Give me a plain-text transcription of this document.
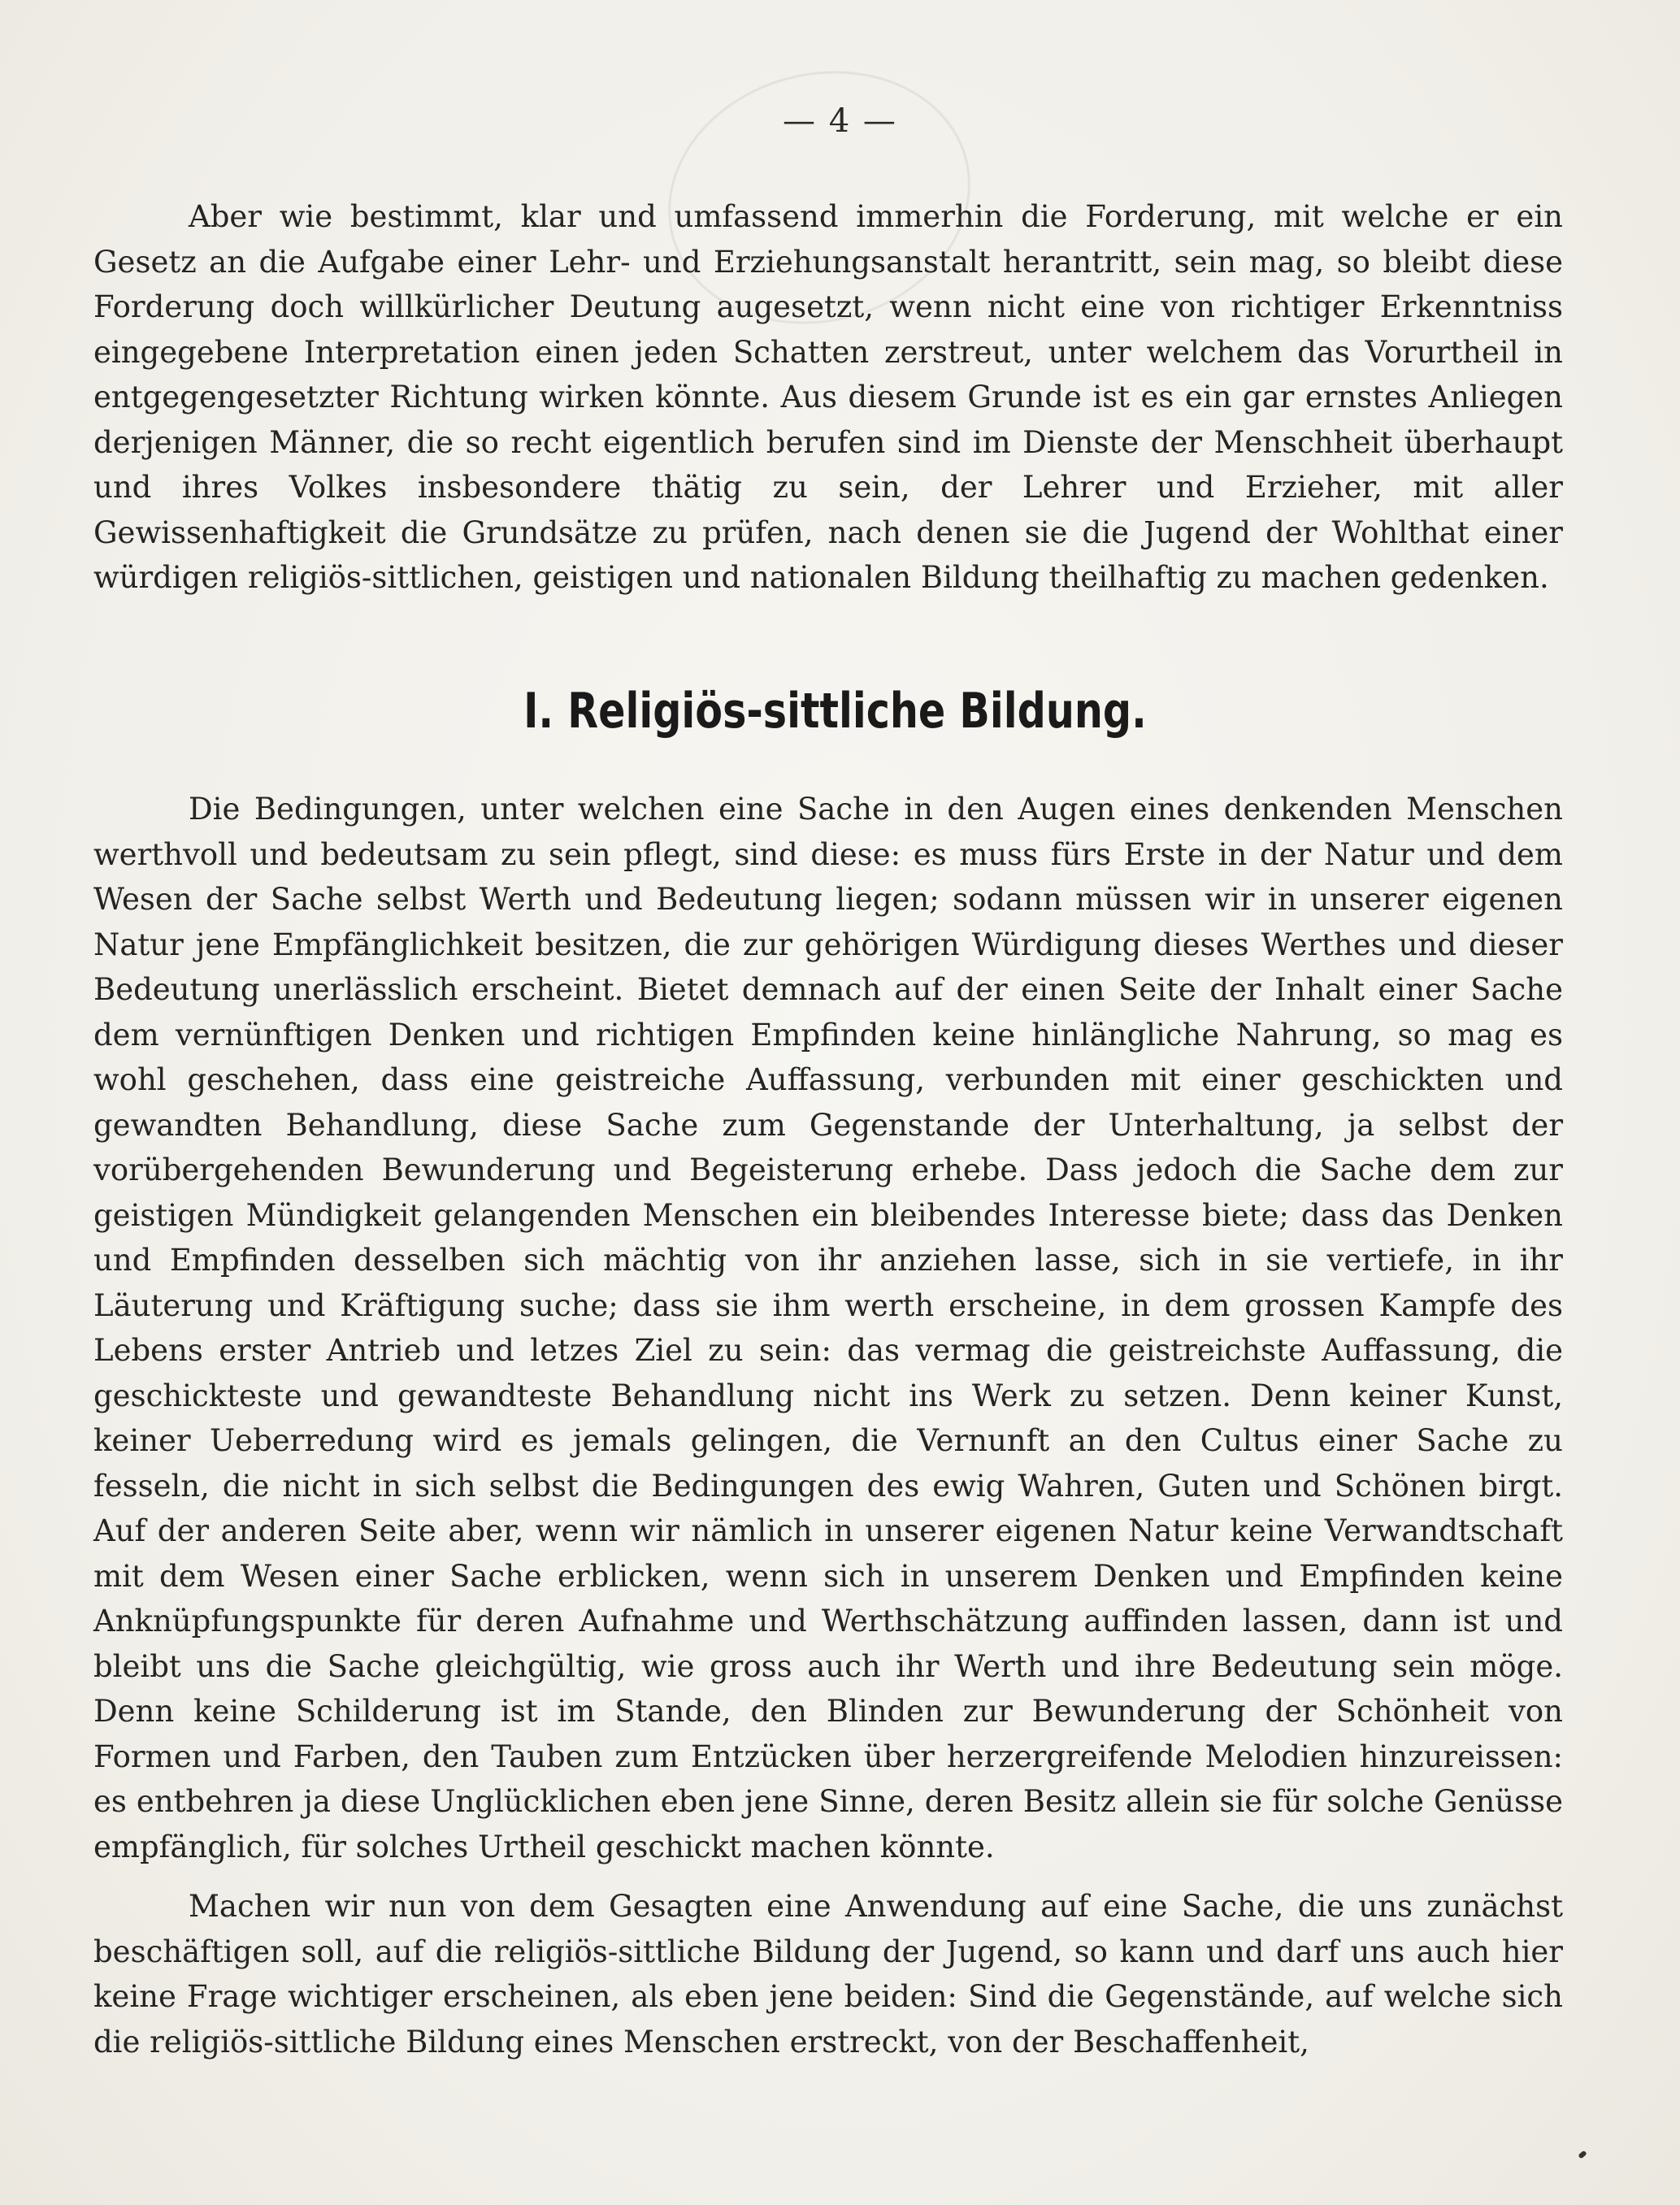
— 4 —

Aber wie bestimmt, klar und umfassend immerhin die Forderung, mit welche er ein Gesetz an die Aufgabe einer Lehr- und Erziehungsanstalt herantritt, sein mag, so bleibt diese Forderung doch willkürlicher Deutung augesetzt, wenn nicht eine von richtiger Erkenntniss eingegebene Interpretation einen jeden Schatten zerstreut, unter welchem das Vorurtheil in entgegengesetzter Richtung wirken könnte. Aus diesem Grunde ist es ein gar ernstes Anliegen derjenigen Männer, die so recht eigentlich berufen sind im Dienste der Menschheit überhaupt und ihres Volkes insbesondere thätig zu sein, der Lehrer und Erzieher, mit aller Gewissenhaftigkeit die Grundsätze zu prüfen, nach denen sie die Jugend der Wohlthat einer würdigen religiös-sittlichen, geistigen und nationalen Bildung theilhaftig zu machen gedenken.

I. Religiös-sittliche Bildung.

Die Bedingungen, unter welchen eine Sache in den Augen eines denkenden Menschen werthvoll und bedeutsam zu sein pflegt, sind diese: es muss fürs Erste in der Natur und dem Wesen der Sache selbst Werth und Bedeutung liegen; sodann müssen wir in unserer eigenen Natur jene Empfänglichkeit besitzen, die zur gehörigen Würdigung dieses Werthes und dieser Bedeutung unerlässlich erscheint. Bietet demnach auf der einen Seite der Inhalt einer Sache dem vernünftigen Denken und richtigen Empfinden keine hinlängliche Nahrung, so mag es wohl geschehen, dass eine geistreiche Auffassung, verbunden mit einer geschickten und gewandten Behandlung, diese Sache zum Gegenstande der Unterhaltung, ja selbst der vorübergehenden Bewunderung und Begeisterung erhebe. Dass jedoch die Sache dem zur geistigen Mündigkeit gelangenden Menschen ein bleibendes Interesse biete; dass das Denken und Empfinden desselben sich mächtig von ihr anziehen lasse, sich in sie vertiefe, in ihr Läuterung und Kräftigung suche; dass sie ihm werth erscheine, in dem grossen Kampfe des Lebens erster Antrieb und letzes Ziel zu sein: das vermag die geistreichste Auffassung, die geschickteste und gewandteste Behandlung nicht ins Werk zu setzen. Denn keiner Kunst, keiner Ueberredung wird es jemals gelingen, die Vernunft an den Cultus einer Sache zu fesseln, die nicht in sich selbst die Bedingungen des ewig Wahren, Guten und Schönen birgt. Auf der anderen Seite aber, wenn wir nämlich in unserer eigenen Natur keine Verwandtschaft mit dem Wesen einer Sache erblicken, wenn sich in unserem Denken und Empfinden keine Anknüpfungspunkte für deren Aufnahme und Werthschätzung auffinden lassen, dann ist und bleibt uns die Sache gleichgültig, wie gross auch ihr Werth und ihre Bedeutung sein möge. Denn keine Schilderung ist im Stande, den Blinden zur Bewunderung der Schönheit von Formen und Farben, den Tauben zum Entzücken über herzergreifende Melodien hinzureissen: es entbehren ja diese Unglücklichen eben jene Sinne, deren Besitz allein sie für solche Genüsse empfänglich, für solches Urtheil geschickt machen könnte.

Machen wir nun von dem Gesagten eine Anwendung auf eine Sache, die uns zunächst beschäftigen soll, auf die religiös-sittliche Bildung der Jugend, so kann und darf uns auch hier keine Frage wichtiger erscheinen, als eben jene beiden: Sind die Gegenstände, auf welche sich die religiös-sittliche Bildung eines Menschen erstreckt, von der Beschaffenheit,
